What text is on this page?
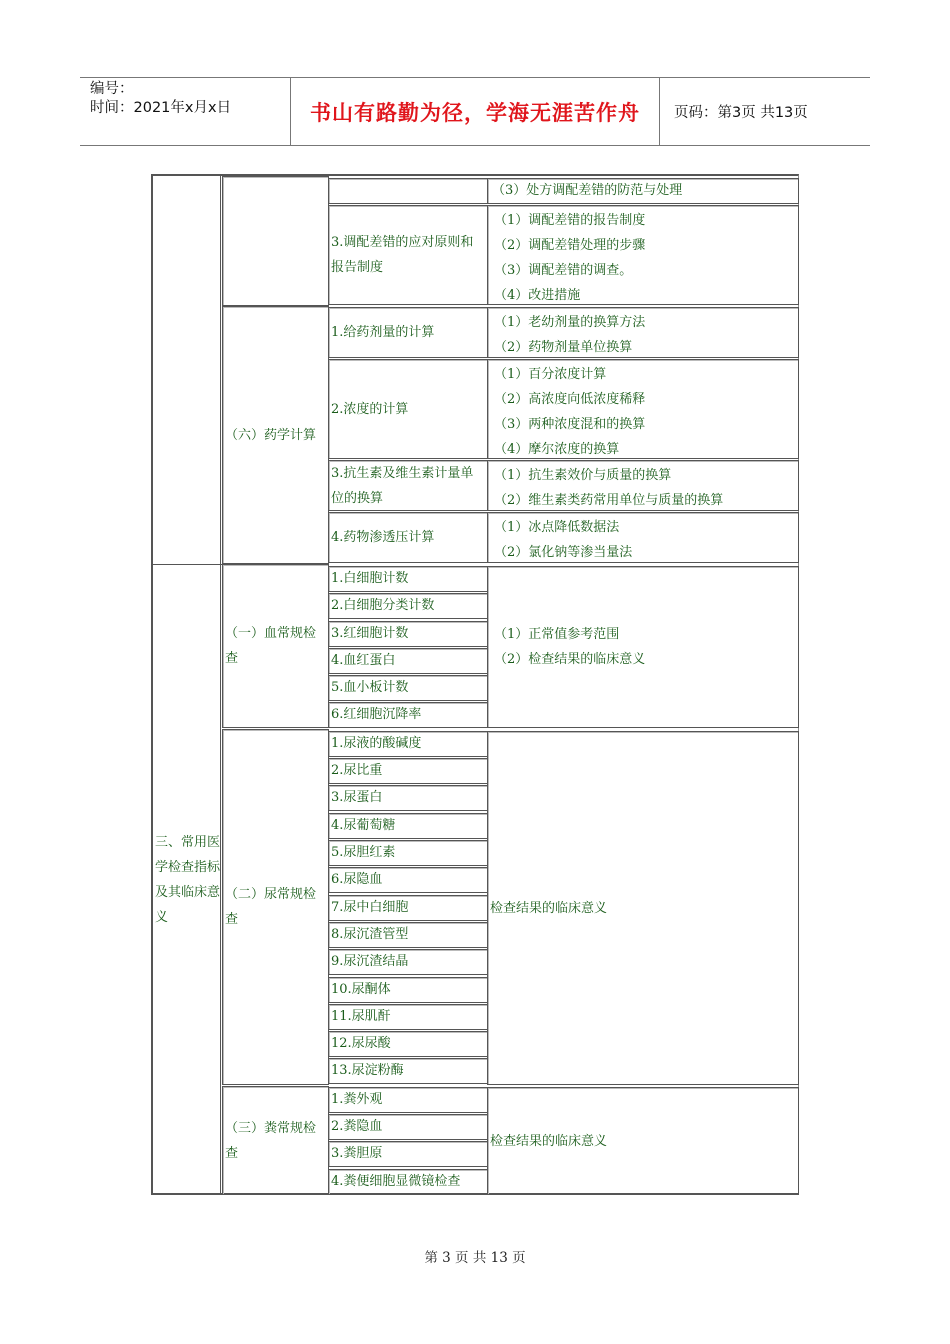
编号：
时间：2021年x月x日	书山有路勤为径，学海无涯苦作舟	页码：第3页 共13页
（六）药学计算
（3）处方调配差错的防范与处理
3.调配差错的应对原则和报告制度
（1）调配差错的报告制度
（2）调配差错处理的步骤
（3）调配差错的调查。
（4）改进措施
1.给药剂量的计算
（1）老幼剂量的换算方法
（2）药物剂量单位换算
2.浓度的计算
（1）百分浓度计算
（2）高浓度向低浓度稀释
（3）两种浓度混和的换算
（4）摩尔浓度的换算
3.抗生素及维生素计量单位的换算
（1）抗生素效价与质量的换算
（2）维生素类药常用单位与质量的换算
4.药物渗透压计算
（1）冰点降低数据法
（2）氯化钠等渗当量法
三、常用医学检查指标及其临床意义
（一）血常规检查
1.白细胞计数
2.白细胞分类计数
3.红细胞计数
4.血红蛋白
5.血小板计数
6.红细胞沉降率
（1）正常值参考范围
（2）检查结果的临床意义
（二）尿常规检查
1.尿液的酸碱度
2.尿比重
3.尿蛋白
4.尿葡萄糖
5.尿胆红素
6.尿隐血
7.尿中白细胞
8.尿沉渣管型
9.尿沉渣结晶
10.尿酮体
11.尿肌酐
12.尿尿酸
13.尿淀粉酶
检查结果的临床意义
（三）粪常规检查
1.粪外观
2.粪隐血
3.粪胆原
4.粪便细胞显微镜检查
检查结果的临床意义
第 3 页 共 13 页
